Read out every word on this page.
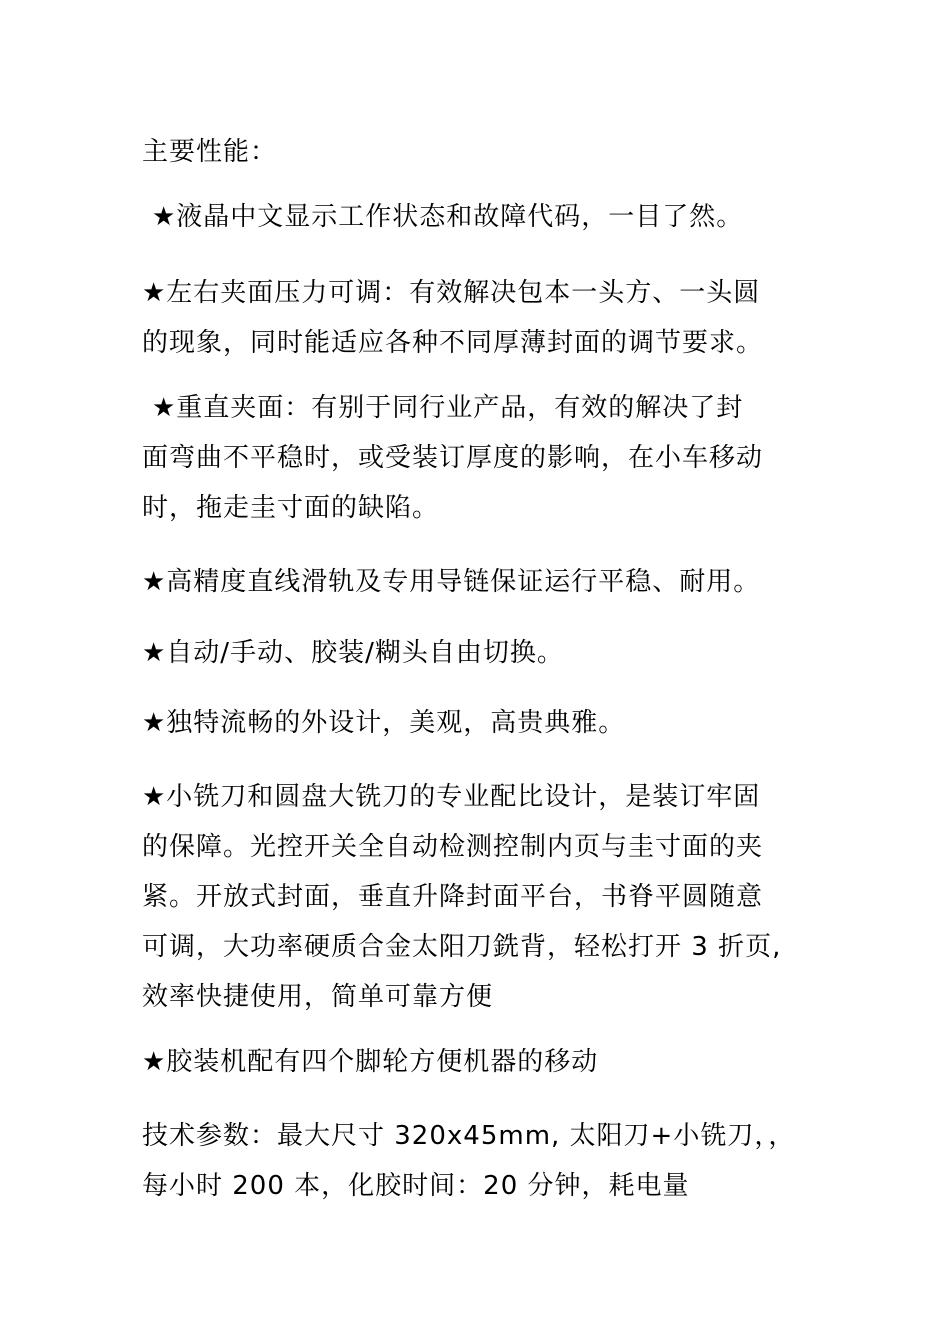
主要性能：

★液晶中文显示工作状态和故障代码，一目了然。

★左右夹面压力可调：有效解决包本一头方、一头圆
的现象，同时能适应各种不同厚薄封面的调节要求。

★重直夹面：有别于同行业产品，有效的解决了封
面弯曲不平稳时，或受装订厚度的影响，在小车移动
时，拖走圭寸面的缺陷。

★高精度直线滑轨及专用导链保证运行平稳、耐用。

★自动/手动、胶装/糊头自由切换。

★独特流畅的外设计，美观，高贵典雅。

★小铣刀和圆盘大铣刀的专业配比设计，是装订牢固
的保障。光控开关全自动检测控制内页与圭寸面的夹
紧。开放式封面，垂直升降封面平台，书脊平圆随意
可调，大功率硬质合金太阳刀銑背，轻松打开 3 折页,
效率快捷使用，简单可靠方便

★胶装机配有四个脚轮方便机器的移动

技术参数：最大尺寸 320x45mm, 太阳刀+小铣刀，，
每小时 200 本，化胶时间：20 分钟，耗电量
